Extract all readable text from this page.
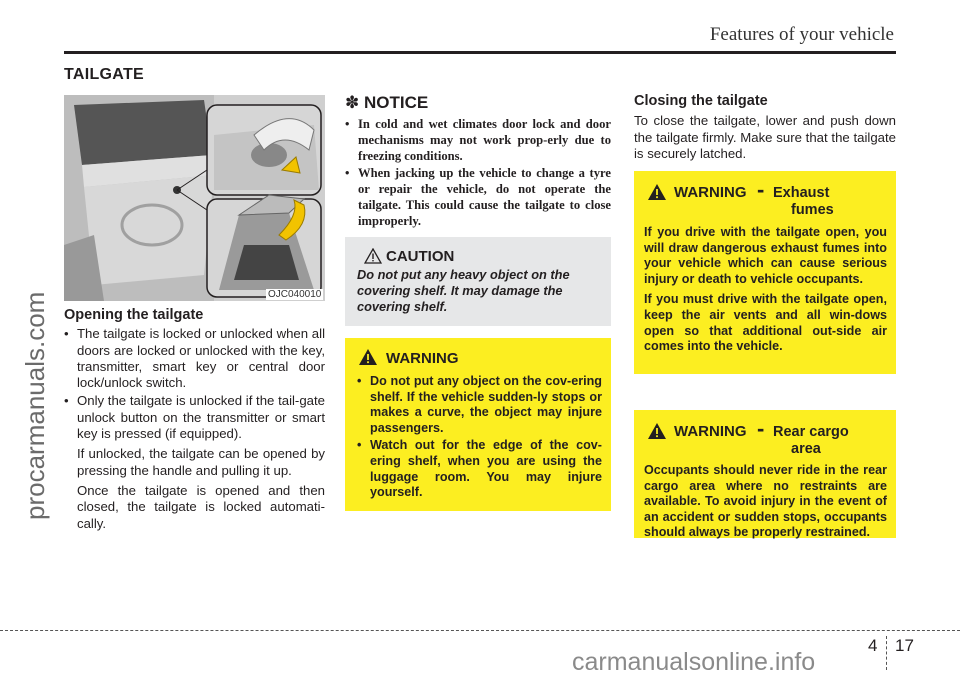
Features of your vehicle
TAILGATE
OJC040010
Opening the tailgate
• The tailgate is locked or unlocked when all doors are locked or unlocked with the key, transmitter, smart key or central door lock/unlock switch.
• Only the tailgate is unlocked if the tail-gate unlock button on the transmitter or smart key is pressed (if equipped).

If unlocked, the tailgate can be opened by pressing the handle and pulling it up.

Once the tailgate is opened and then closed, the tailgate is locked automati-cally.

✽ NOTICE
• In cold and wet climates door lock and door mechanisms may not work prop-erly due to freezing conditions.
• When jacking up the vehicle to change a tyre or repair the vehicle, do not operate the tailgate. This could cause the tailgate to close improperly.
CAUTION
Do not put any heavy object on the covering shelf. It may damage the covering shelf.
WARNING
• Do not put any object on the cov-ering shelf. If the vehicle sudden-ly stops or makes a curve, the object may injure passengers.
• Watch out for the edge of the cov-ering shelf, when you are using the luggage room. You may injure yourself.
Closing the tailgate

To close the tailgate, lower and push down the tailgate firmly. Make sure that the tailgate is securely latched.

WARNING - Exhaust
fumes

If you drive with the tailgate open, you will draw dangerous exhaust fumes into your vehicle which can cause serious injury or death to vehicle occupants.

If you must drive with the tailgate open, keep the air vents and all win-dows open so that additional out-side air comes into the vehicle.

WARNING - Rear cargo
area

Occupants should never ride in the rear cargo area where no restraints are available. To avoid injury in the event of an accident or sudden stops, occupants should always be properly restrained.

4 17
procarmanuals.com
carmanualsonline.info
